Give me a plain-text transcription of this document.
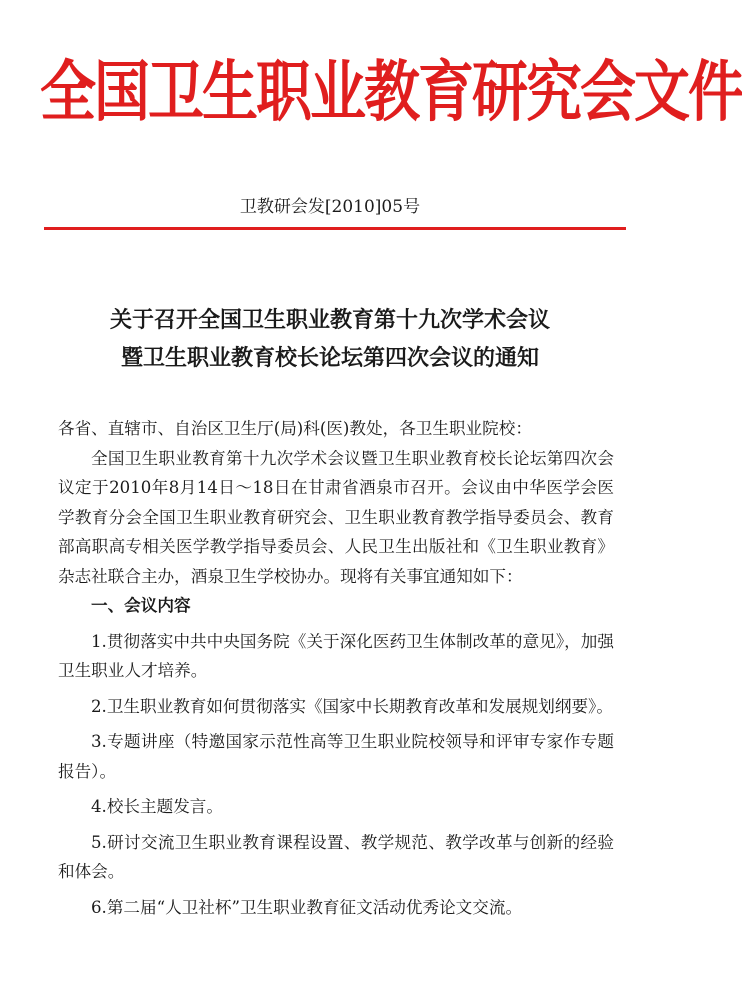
全国卫生职业教育研究会文件
卫教研会发[2010]05号
关于召开全国卫生职业教育第十九次学术会议
暨卫生职业教育校长论坛第四次会议的通知

各省、直辖市、自治区卫生厅(局)科(医)教处，各卫生职业院校：

全国卫生职业教育第十九次学术会议暨卫生职业教育校长论坛第四次会议定于2010年8月14日～18日在甘肃省酒泉市召开。会议由中华医学会医学教育分会全国卫生职业教育研究会、卫生职业教育教学指导委员会、教育部高职高专相关医学教学指导委员会、人民卫生出版社和《卫生职业教育》杂志社联合主办，酒泉卫生学校协办。现将有关事宜通知如下：

一、会议内容

1.贯彻落实中共中央国务院《关于深化医药卫生体制改革的意见》，加强卫生职业人才培养。

2.卫生职业教育如何贯彻落实《国家中长期教育改革和发展规划纲要》。

3.专题讲座（特邀国家示范性高等卫生职业院校领导和评审专家作专题报告）。

4.校长主题发言。

5.研讨交流卫生职业教育课程设置、教学规范、教学改革与创新的经验和体会。

6.第二届“人卫社杯”卫生职业教育征文活动优秀论文交流。
